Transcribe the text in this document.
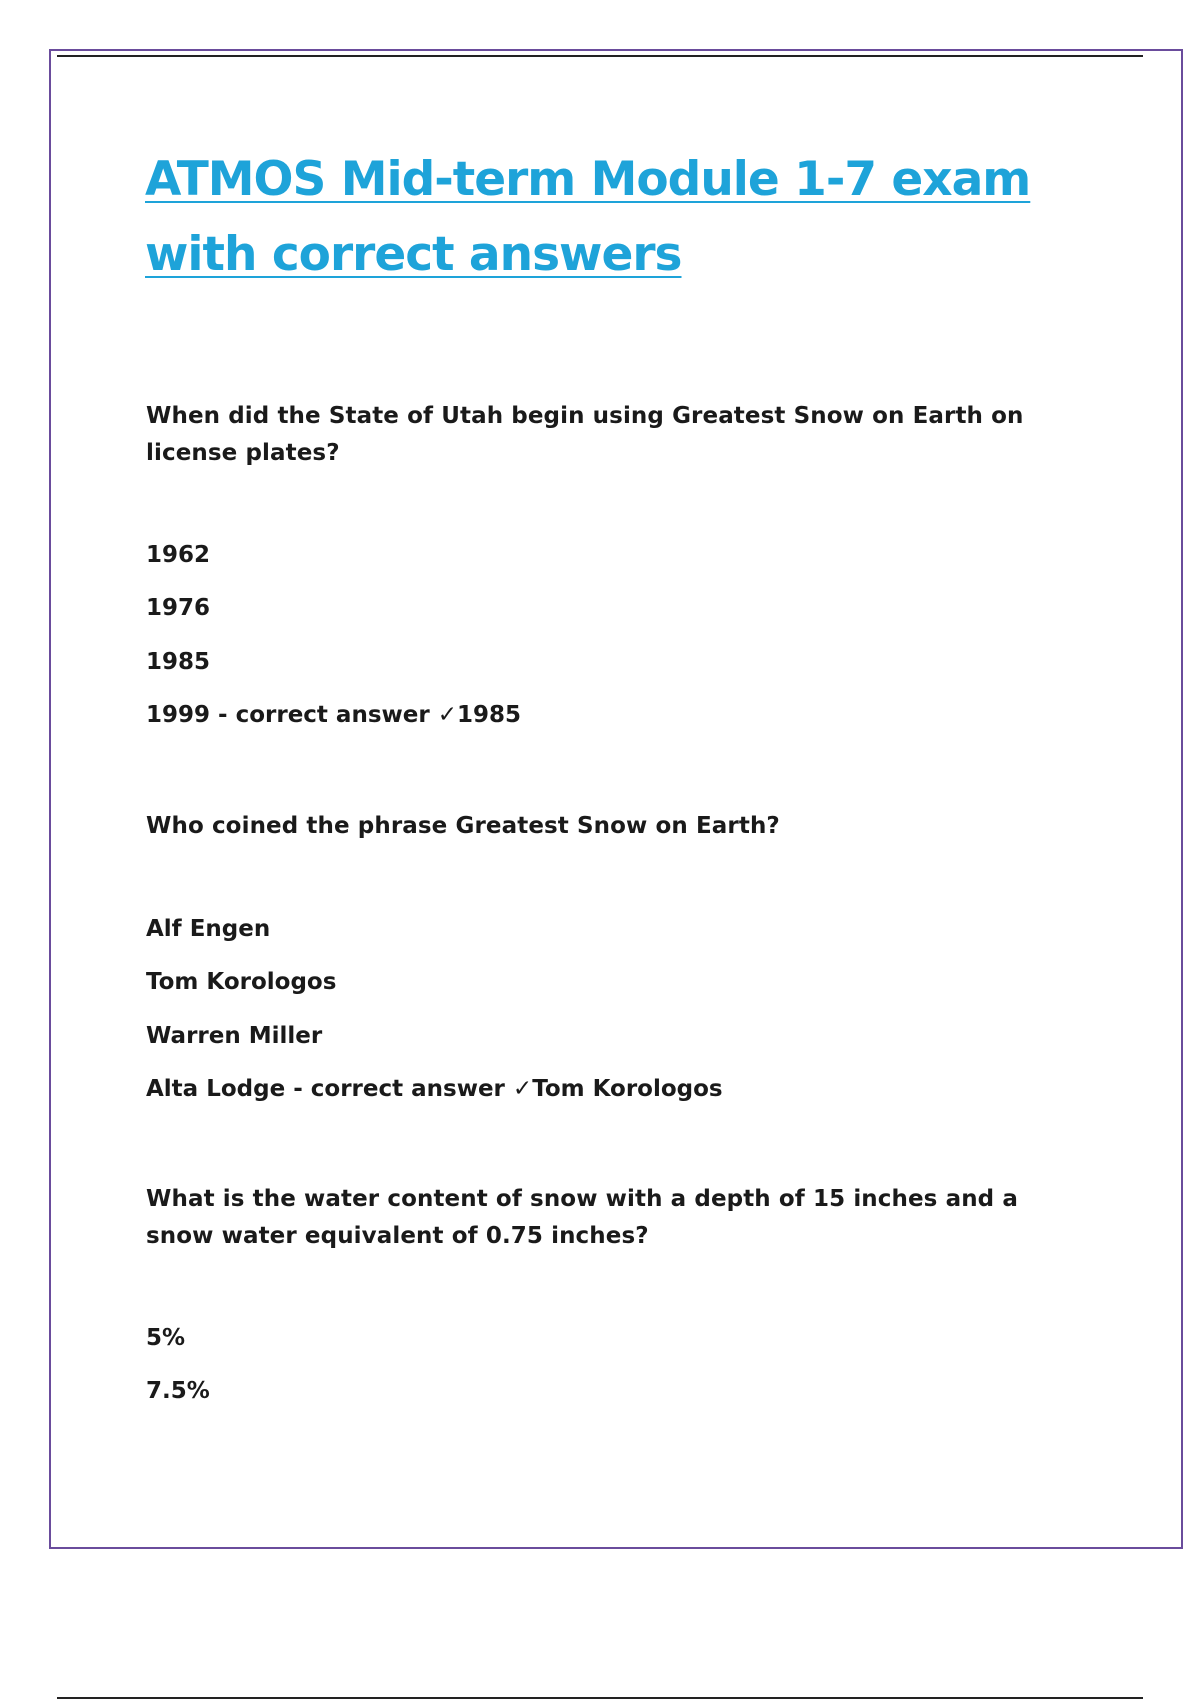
ATMOS Mid-term Module 1-7 exam
with correct answers

When did the State of Utah begin using Greatest Snow on Earth on license plates?

1962
1976
1985
1999 - correct answer ✓1985

Who coined the phrase Greatest Snow on Earth?

Alf Engen
Tom Korologos
Warren Miller
Alta Lodge - correct answer ✓Tom Korologos

What is the water content of snow with a depth of 15 inches and a snow water equivalent of 0.75 inches?

5%
7.5%
